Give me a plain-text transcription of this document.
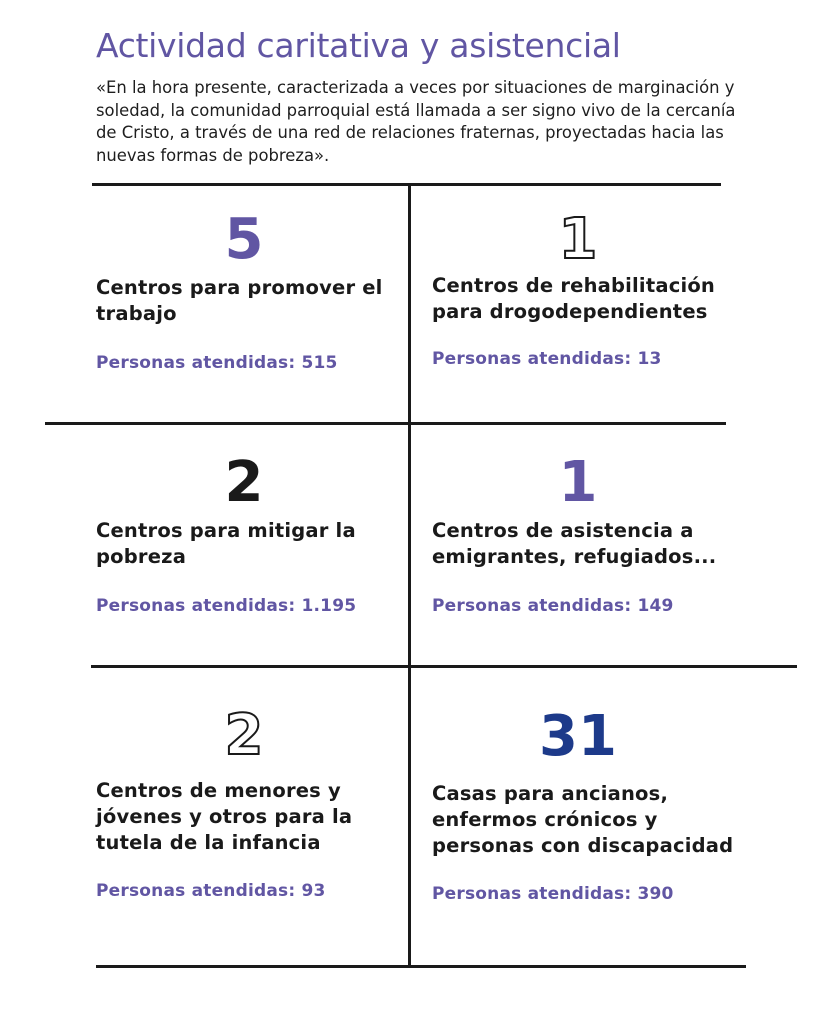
Actividad caritativa y asistencial

«En la hora presente, caracterizada a veces por situaciones de marginación y soledad, la comunidad parroquial está llamada a ser signo vivo de la cercanía de Cristo, a través de una red de relaciones fraternas, proyectadas hacia las nuevas formas de pobreza».

5
Centros para promover el trabajo
Personas atendidas: 515
1
Centros de rehabilitación para drogodependientes
Personas atendidas: 13
2
Centros para mitigar la pobreza
Personas atendidas: 1.195
1
Centros de asistencia a emigrantes, refugiados...
Personas atendidas: 149
2
Centros de menores y jóvenes y otros para la tutela de la infancia
Personas atendidas: 93
31
Casas para ancianos, enfermos crónicos y personas con discapacidad
Personas atendidas: 390
